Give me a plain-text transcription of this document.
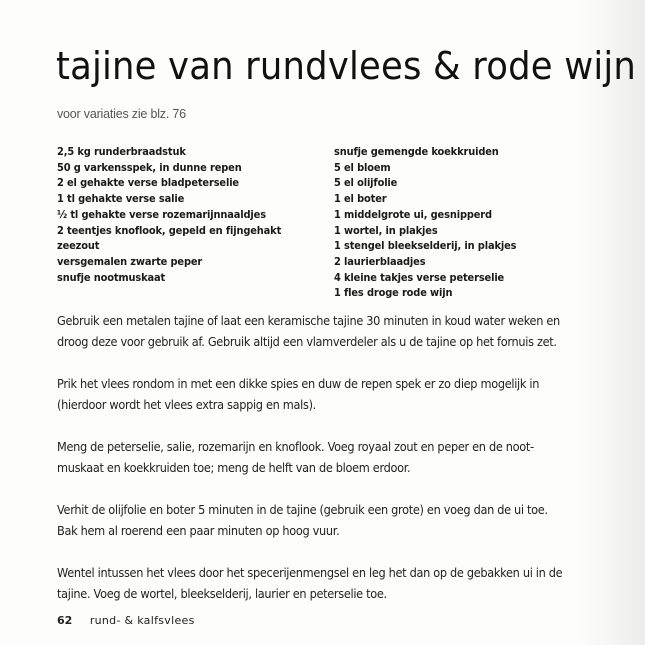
tajine van rundvlees & rode wijn
voor variaties zie blz. 76
2,5 kg runderbraadstuk
50 g varkensspek, in dunne repen
2 el gehakte verse bladpeterselie
1 tl gehakte verse salie
½ tl gehakte verse rozemarijnnaaldjes
2 teentjes knoflook, gepeld en fijngehakt
zeezout
versgemalen zwarte peper
snufje nootmuskaat
snufje gemengde koekkruiden
5 el bloem
5 el olijfolie
1 el boter
1 middelgrote ui, gesnipperd
1 wortel, in plakjes
1 stengel bleekselderij, in plakjes
2 laurierblaadjes
4 kleine takjes verse peterselie
1 fles droge rode wijn

Gebruik een metalen tajine of laat een keramische tajine 30 minuten in koud water weken en
droog deze voor gebruik af. Gebruik altijd een vlamverdeler als u de tajine op het fornuis zet.

Prik het vlees rondom in met een dikke spies en duw de repen spek er zo diep mogelijk in
(hierdoor wordt het vlees extra sappig en mals).

Meng de peterselie, salie, rozemarijn en knoflook. Voeg royaal zout en peper en de noot-
muskaat en koekkruiden toe; meng de helft van de bloem erdoor.

Verhit de olijfolie en boter 5 minuten in de tajine (gebruik een grote) en voeg dan de ui toe.
Bak hem al roerend een paar minuten op hoog vuur.

Wentel intussen het vlees door het specerijenmengsel en leg het dan op de gebakken ui in de
tajine. Voeg de wortel, bleekselderij, laurier en peterselie toe.

62 rund- & kalfsvlees
